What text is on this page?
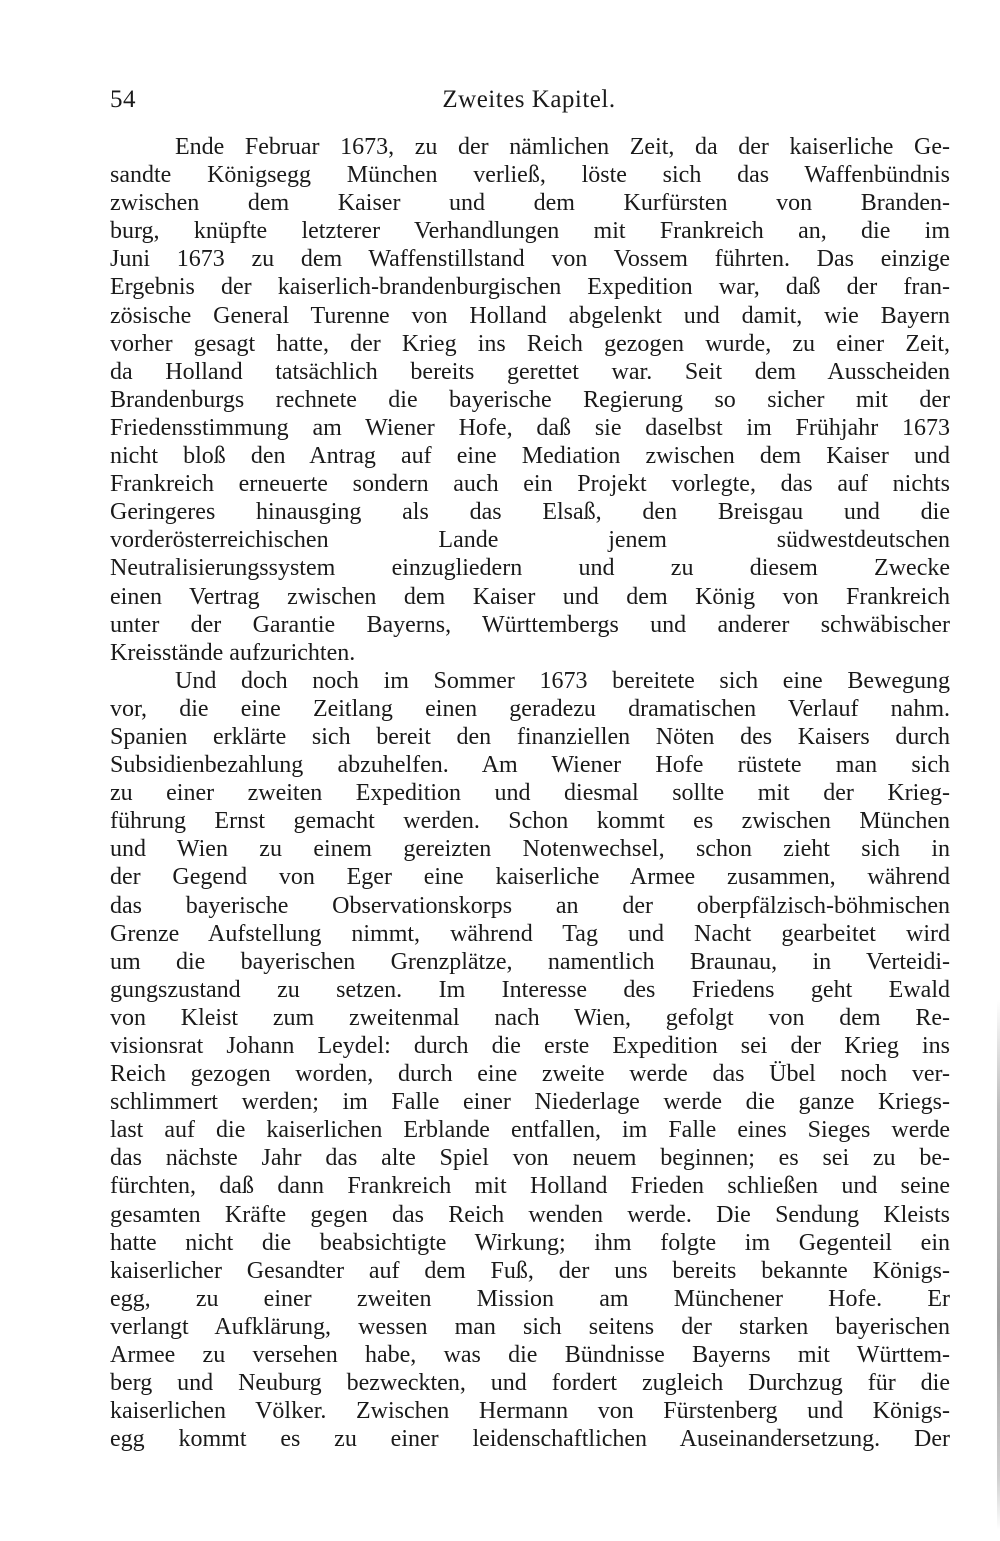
54	Zweites Kapitel.
Ende Februar 1673, zu der nämlichen Zeit, da der kaiserliche Ge-
sandte Königsegg München verließ, löste sich das Waffenbündnis
zwischen dem Kaiser und dem Kurfürsten von Branden-
burg, knüpfte letzterer Verhandlungen mit Frankreich an, die im
Juni 1673 zu dem Waffenstillstand von Vossem führten. Das einzige
Ergebnis der kaiserlich-brandenburgischen Expedition war, daß der fran-
zösische General Turenne von Holland abgelenkt und damit, wie Bayern
vorher gesagt hatte, der Krieg ins Reich gezogen wurde, zu einer Zeit,
da Holland tatsächlich bereits gerettet war. Seit dem Ausscheiden
Brandenburgs rechnete die bayerische Regierung so sicher mit der
Friedensstimmung am Wiener Hofe, daß sie daselbst im Frühjahr 1673
nicht bloß den Antrag auf eine Mediation zwischen dem Kaiser und
Frankreich erneuerte sondern auch ein Projekt vorlegte, das auf nichts
Geringeres hinausging als das Elsaß, den Breisgau und die
vorderösterreichischen Lande jenem südwestdeutschen
Neutralisierungssystem einzugliedern und zu diesem Zwecke
einen Vertrag zwischen dem Kaiser und dem König von Frankreich
unter der Garantie Bayerns, Württembergs und anderer schwäbischer
Kreisstände aufzurichten.
Und doch noch im Sommer 1673 bereitete sich eine Bewegung
vor, die eine Zeitlang einen geradezu dramatischen Verlauf nahm.
Spanien erklärte sich bereit den finanziellen Nöten des Kaisers durch
Subsidienbezahlung abzuhelfen. Am Wiener Hofe rüstete man sich
zu einer zweiten Expedition und diesmal sollte mit der Krieg-
führung Ernst gemacht werden. Schon kommt es zwischen München
und Wien zu einem gereizten Notenwechsel, schon zieht sich in
der Gegend von Eger eine kaiserliche Armee zusammen, während
das bayerische Observationskorps an der oberpfälzisch-böhmischen
Grenze Aufstellung nimmt, während Tag und Nacht gearbeitet wird
um die bayerischen Grenzplätze, namentlich Braunau, in Verteidi-
gungszustand zu setzen. Im Interesse des Friedens geht Ewald
von Kleist zum zweitenmal nach Wien, gefolgt von dem Re-
visionsrat Johann Leydel: durch die erste Expedition sei der Krieg ins
Reich gezogen worden, durch eine zweite werde das Übel noch ver-
schlimmert werden; im Falle einer Niederlage werde die ganze Kriegs-
last auf die kaiserlichen Erblande entfallen, im Falle eines Sieges werde
das nächste Jahr das alte Spiel von neuem beginnen; es sei zu be-
fürchten, daß dann Frankreich mit Holland Frieden schließen und seine
gesamten Kräfte gegen das Reich wenden werde. Die Sendung Kleists
hatte nicht die beabsichtigte Wirkung; ihm folgte im Gegenteil ein
kaiserlicher Gesandter auf dem Fuß, der uns bereits bekannte Königs-
egg, zu einer zweiten Mission am Münchener Hofe. Er
verlangt Aufklärung, wessen man sich seitens der starken bayerischen
Armee zu versehen habe, was die Bündnisse Bayerns mit Württem-
berg und Neuburg bezweckten, und fordert zugleich Durchzug für die
kaiserlichen Völker. Zwischen Hermann von Fürstenberg und Königs-
egg kommt es zu einer leidenschaftlichen Auseinandersetzung. Der
